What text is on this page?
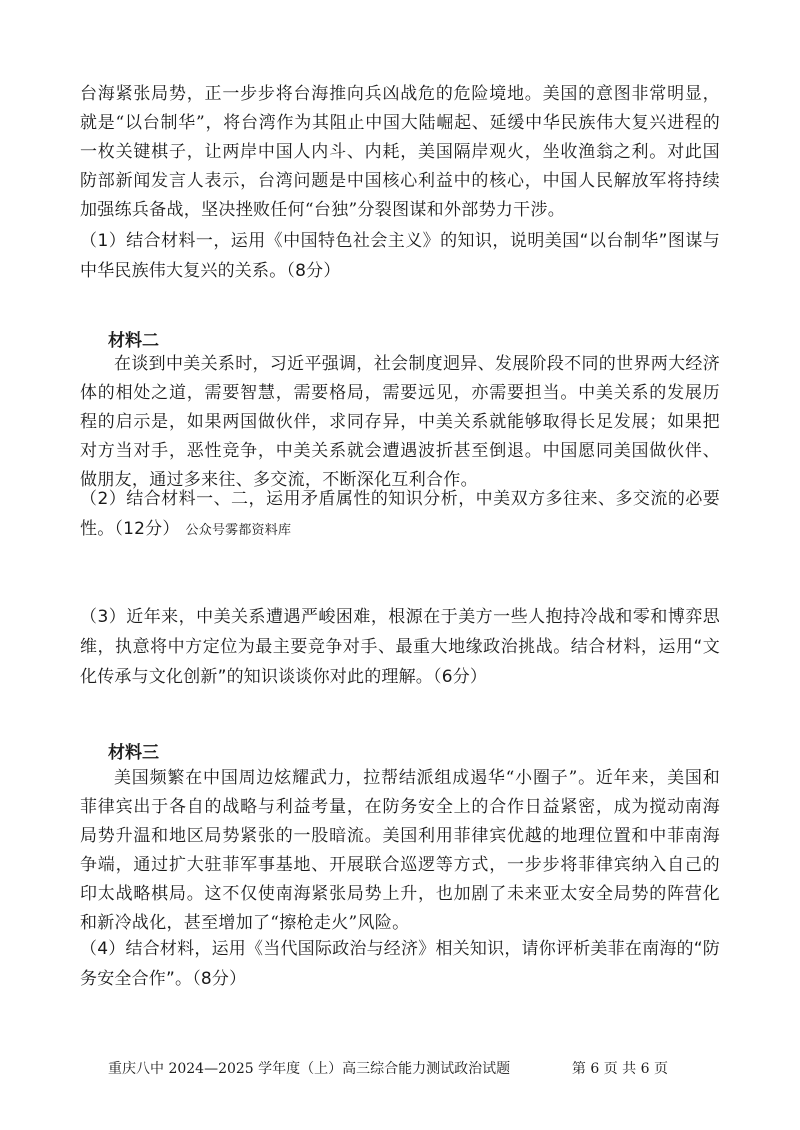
台海紧张局势，正一步步将台海推向兵凶战危的危险境地。美国的意图非常明显，就是“以台制华”，将台湾作为其阻止中国大陆崛起、延缓中华民族伟大复兴进程的一枚关键棋子，让两岸中国人内斗、内耗，美国隔岸观火，坐收渔翁之利。对此国防部新闻发言人表示，台湾问题是中国核心利益中的核心，中国人民解放军将持续加强练兵备战，坚决挫败任何“台独”分裂图谋和外部势力干涉。

（1）结合材料一，运用《中国特色社会主义》的知识，说明美国“以台制华”图谋与中华民族伟大复兴的关系。（8分）

材料二

在谈到中美关系时，习近平强调，社会制度迥异、发展阶段不同的世界两大经济体的相处之道，需要智慧，需要格局，需要远见，亦需要担当。中美关系的发展历程的启示是，如果两国做伙伴，求同存异，中美关系就能够取得长足发展；如果把对方当对手，恶性竞争，中美关系就会遭遇波折甚至倒退。中国愿同美国做伙伴、做朋友，通过多来往、多交流，不断深化互利合作。

（2）结合材料一、二，运用矛盾属性的知识分析，中美双方多往来、多交流的必要性。（12分） 公众号雾都资料库

（3）近年来，中美关系遭遇严峻困难，根源在于美方一些人抱持冷战和零和博弈思维，执意将中方定位为最主要竞争对手、最重大地缘政治挑战。结合材料，运用“文化传承与文化创新”的知识谈谈你对此的理解。（6分）

材料三

美国频繁在中国周边炫耀武力，拉帮结派组成遏华“小圈子”。近年来，美国和菲律宾出于各自的战略与利益考量，在防务安全上的合作日益紧密，成为搅动南海局势升温和地区局势紧张的一股暗流。美国利用菲律宾优越的地理位置和中菲南海争端，通过扩大驻菲军事基地、开展联合巡逻等方式，一步步将菲律宾纳入自己的印太战略棋局。这不仅使南海紧张局势上升，也加剧了未来亚太安全局势的阵营化和新冷战化，甚至增加了“擦枪走火”风险。

（4）结合材料，运用《当代国际政治与经济》相关知识，请你评析美菲在南海的“防务安全合作”。（8分）

重庆八中 2024—2025 学年度（上）高三综合能力测试政治试题	第 6 页 共 6 页
